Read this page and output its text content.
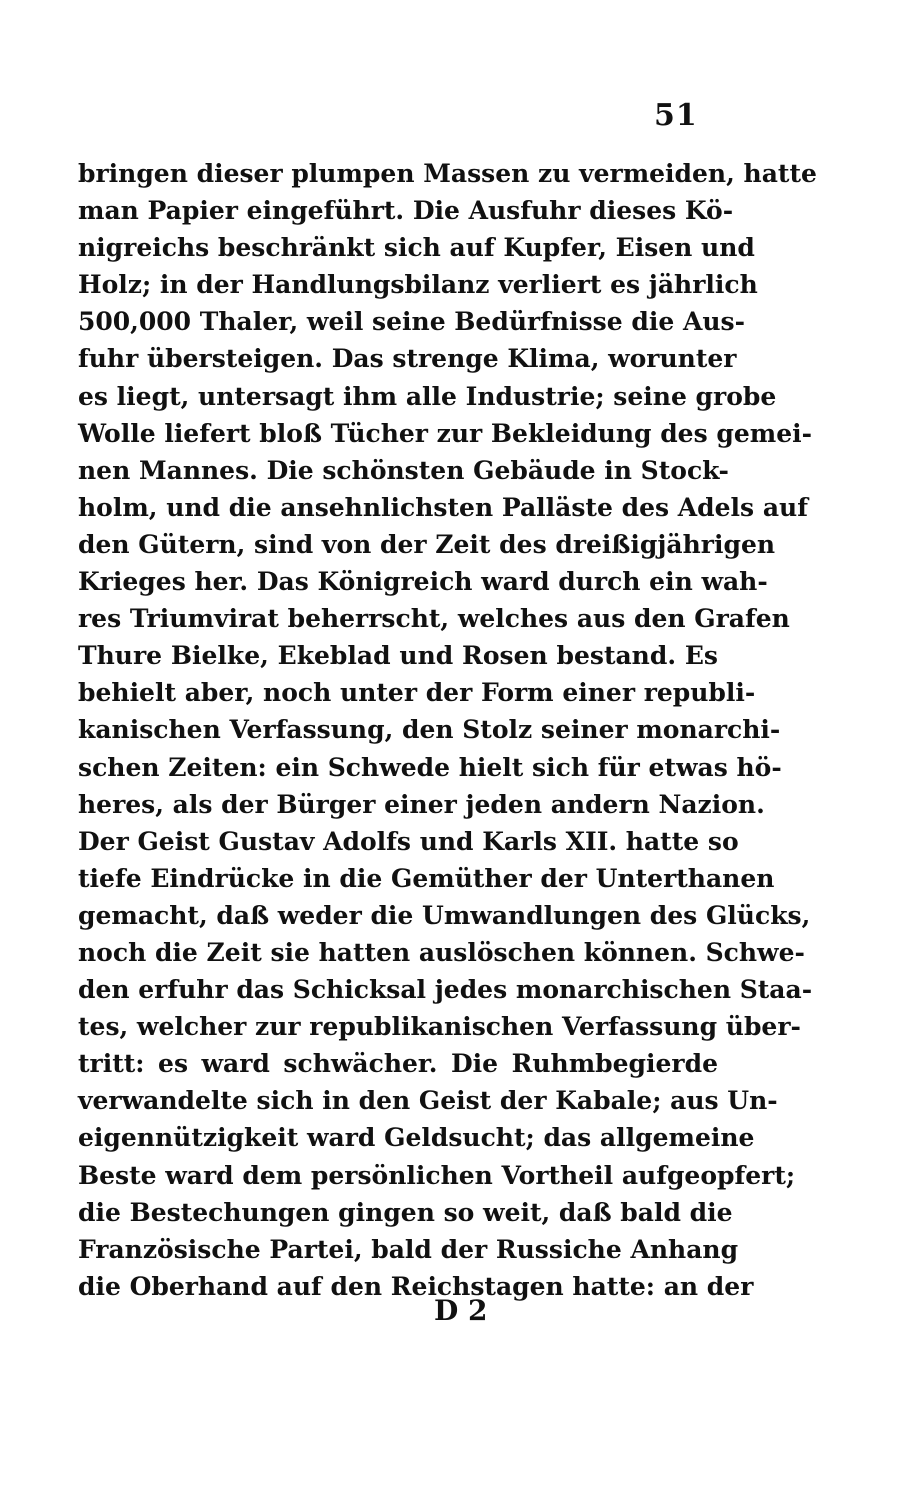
51
bringen dieser plumpen Massen zu vermeiden, hatte
man Papier eingeführt. Die Ausfuhr dieses Kö-
nigreichs beschränkt sich auf Kupfer, Eisen und
Holz; in der Handlungsbilanz verliert es jährlich
500,000 Thaler, weil seine Bedürfnisse die Aus-
fuhr übersteigen. Das strenge Klima, worunter
es liegt, untersagt ihm alle Industrie; seine grobe
Wolle liefert bloß Tücher zur Bekleidung des gemei-
nen Mannes. Die schönsten Gebäude in Stock-
holm, und die ansehnlichsten Palläste des Adels auf
den Gütern, sind von der Zeit des dreißigjährigen
Krieges her. Das Königreich ward durch ein wah-
res Triumvirat beherrscht, welches aus den Grafen
Thure Bielke, Ekeblad und Rosen bestand. Es
behielt aber, noch unter der Form einer republi-
kanischen Verfassung, den Stolz seiner monarchi-
schen Zeiten: ein Schwede hielt sich für etwas hö-
heres, als der Bürger einer jeden andern Nazion.
Der Geist Gustav Adolfs und Karls XII. hatte so
tiefe Eindrücke in die Gemüther der Unterthanen
gemacht, daß weder die Umwandlungen des Glücks,
noch die Zeit sie hatten auslöschen können. Schwe-
den erfuhr das Schicksal jedes monarchischen Staa-
tes, welcher zur republikanischen Verfassung über-
tritt: es ward schwächer. Die Ruhmbegierde
verwandelte sich in den Geist der Kabale; aus Un-
eigennützigkeit ward Geldsucht; das allgemeine
Beste ward dem persönlichen Vortheil aufgeopfert;
die Bestechungen gingen so weit, daß bald die
Französische Partei, bald der Russiche Anhang
die Oberhand auf den Reichstagen hatte: an der
D 2
